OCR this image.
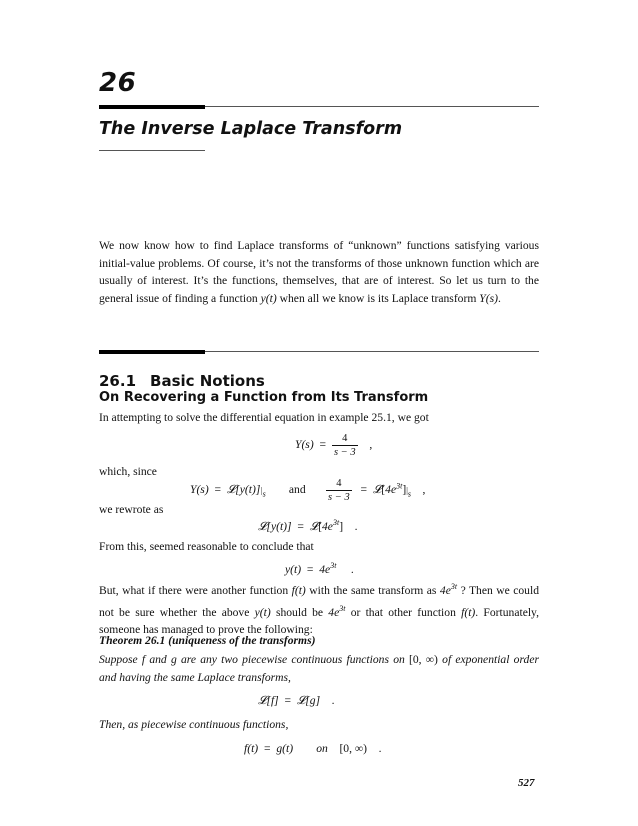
26
The Inverse Laplace Transform

We now know how to find Laplace transforms of “unknown” functions satisfying various initial-value problems. Of course, it’s not the transforms of those unknown function which are usually of interest. It’s the functions, themselves, that are of interest. So let us turn to the general issue of finding a function y(t) when all we know is its Laplace transform Y(s).

26.1 Basic Notions
On Recovering a Function from Its Transform
In attempting to solve the differential equation in example 25.1, we got
$Y(s) = \frac{4}{s - 3}$ ,
which, since
$Y(s) = 𝓛[y(t)]|_s$ and $\frac{4}{s - 3}$ = $𝓛[4e^{3t}]|_s$ ,
we rewrote as
𝓛[y(t)] = $𝓛[4e^{3t}]$    .
From this, seemed reasonable to conclude that
$y(t) = 4e^{3t}$ .

But, what if there were another function f(t) with the same transform as $4e^{3t}$ ? Then we could not be sure whether the above y(t) should be $4e^{3t}$ or that other function f(t). Fortunately, someone has managed to prove the following:

Theorem 26.1 (uniqueness of the transforms)

Suppose f and g are any two piecewise continuous functions on [0, ∞) of exponential order and having the same Laplace transforms,

𝓛[f] = 𝓛[g] .
Then, as piecewise continuous functions,
f(t) = g(t) on [0, ∞) .
527
